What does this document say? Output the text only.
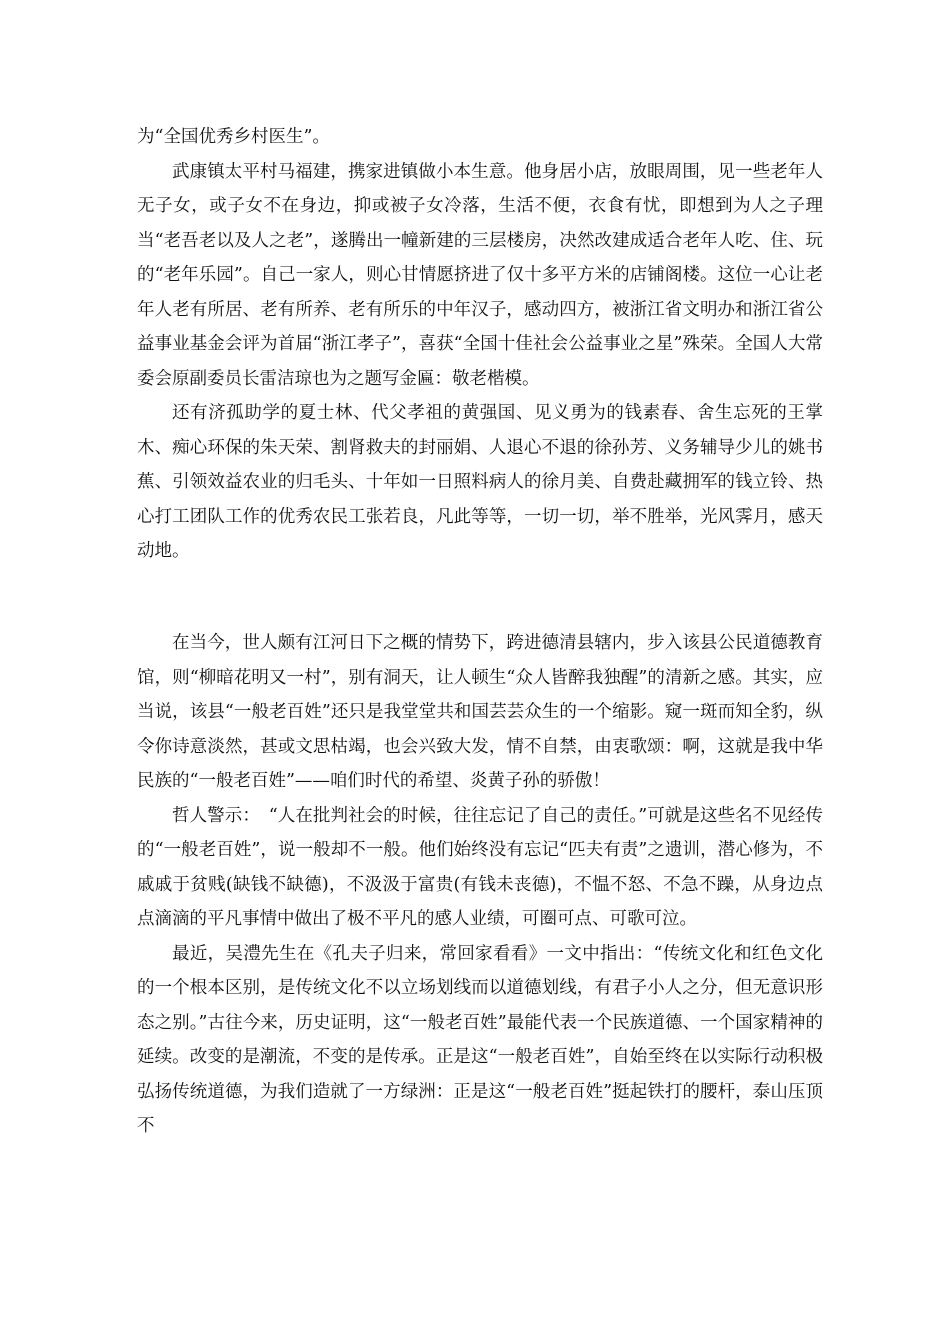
为“全国优秀乡村医生”。

武康镇太平村马福建，携家进镇做小本生意。他身居小店，放眼周围，见一些老年人无子女，或子女不在身边，抑或被子女冷落，生活不便，衣食有忧，即想到为人之子理当“老吾老以及人之老”，遂腾出一幢新建的三层楼房，决然改建成适合老年人吃、住、玩的“老年乐园”。自己一家人，则心甘情愿挤进了仅十多平方米的店铺阁楼。这位一心让老年人老有所居、老有所养、老有所乐的中年汉子，感动四方，被浙江省文明办和浙江省公益事业基金会评为首届“浙江孝子”，喜获“全国十佳社会公益事业之星”殊荣。全国人大常委会原副委员长雷洁琼也为之题写金匾：敬老楷模。

还有济孤助学的夏士林、代父孝祖的黄强国、见义勇为的钱素春、舍生忘死的王掌木、痴心环保的朱天荣、割肾救夫的封丽娟、人退心不退的徐孙芳、义务辅导少儿的姚书蕉、引领效益农业的归毛头、十年如一日照料病人的徐月美、自费赴藏拥军的钱立铃、热心打工团队工作的优秀农民工张若良，凡此等等，一切一切，举不胜举，光风霁月，感天动地。

在当今，世人颇有江河日下之概的情势下，跨进德清县辖内，步入该县公民道德教育馆，则“柳暗花明又一村”，别有洞天，让人顿生“众人皆醉我独醒”的清新之感。其实，应当说，该县“一般老百姓”还只是我堂堂共和国芸芸众生的一个缩影。窥一斑而知全豹，纵令你诗意淡然，甚或文思枯竭，也会兴致大发，情不自禁，由衷歌颂：啊，这就是我中华民族的“一般老百姓”——咱们时代的希望、炎黄子孙的骄傲！

哲人警示：　“人在批判社会的时候，往往忘记了自己的责任。”可就是这些名不见经传的“一般老百姓”，说一般却不一般。他们始终没有忘记“匹夫有责”之遗训，潜心修为，不戚戚于贫贱(缺钱不缺德)，不汲汲于富贵(有钱未丧德)，不愠不怒、不急不躁，从身边点点滴滴的平凡事情中做出了极不平凡的感人业绩，可圈可点、可歌可泣。

最近，吴澧先生在《孔夫子归来，常回家看看》一文中指出：“传统文化和红色文化的一个根本区别，是传统文化不以立场划线而以道德划线，有君子小人之分，但无意识形态之别。”古往今来，历史证明，这“一般老百姓”最能代表一个民族道德、一个国家精神的延续。改变的是潮流，不变的是传承。正是这“一般老百姓”，自始至终在以实际行动积极弘扬传统道德，为我们造就了一方绿洲：正是这“一般老百姓”挺起铁打的腰杆，泰山压顶不
